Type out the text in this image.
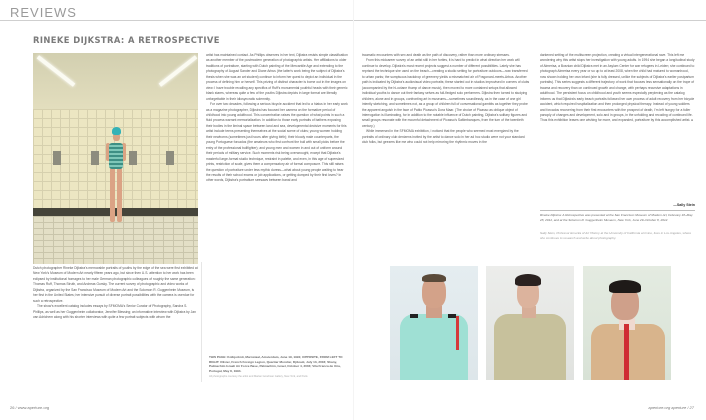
REVIEWS
RINEKE DIJKSTRA: A RETROSPECTIVE

Dutch photographer Rineke Dijkstra's memorable portraits of youths by the edge of the sea were first exhibited at New York's Museum of Modern Art nearly fifteen years ago, but since then U.S. attention to her work has been eclipsed by institutional homages to her male German photographic colleagues of roughly the same generation: Thomas Ruff, Thomas Struth, and Andreas Gursky. The current survey of photographic and video works of Dijkstra, organized by the San Francisco Museum of Modern Art and the Solomon R. Guggenheim Museum, is her first in the United States; her intensive pursuit of diverse portrait possibilities with the camera is overdue for such a retrospective.

The show's excellent catalog includes essays by SFMOMA's Senior Curator of Photography, Sandra S. Phillips, as well as her Guggenheim collaborator, Jennifer Blessing; an informative interview with Dijkstra by Jan van Adrichem along with his shorter interviews with quite a few portrait subjects with whom the

artist has maintained contact. As Phillips observes in her text, Dijkstra resists simple classification as another member of the postmodern generation of photographic artists. Her affiliations to older traditions of portraiture, starting with Dutch painting of the Mercantile Age and extending to the photography of August Sander and Diane Arbus (the latter's work being the subject of Dijkstra's thesis when she was an art student) continue to inform her quest to depict an individual in the process of defining him or herself. This prizing of distinct character is borne out in the images on view: I have trouble recalling any specifics of Ruff's monumental youthful heads with their generic blank stares, whereas quite a few of the youths Dijkstra depicts in large format are literally unforgettable in their idiosyncratic solemnity.

For over two decades, following a serious bicycle accident that led to a hiatus in her early work as a magazine photographer, Dijkstra has focused her camera on the formative period of childhood into young adulthood. This concentration raises the question of what points in such a fluid process warrant memorialization. In addition to those early portraits of bathers exposing their bodies in the liminal space between land and sea, developmental decisive moments for this artist include teens presenting themselves at the social scene of clubs; young women holding their newborns (sometimes just hours after giving birth); their bloody male counterparts, the young Portuguese forcados (the amateurs who first confront the bull with small picks before the entry of the professional bullfighter); and young men and women in and out of uniform around their periods of military service. Such moments risk being overwrought, except that Dijkstra's masterful large-format studio technique, restraint in palette, and even, in this age of supersized prints, restriction of scale, gives them a compensatory air of formal composure. This still raises the question of portraiture under less mythic duress—what about young people waiting to hear the results of their school exams or job applications, or getting dumped by their first loves? In other words, Dijkstra's portraiture seesaws between banal and

THIS PAGE: Kolbjorknit, Marnstaal, Amsterdam, June 19, 1991; OPPOSITE, FROM LEFT TO RIGHT: Olivier, French Foreign Legion, Quartier Monclar, Djibouti, July 13, 2003; Shany, Palmachim Israeli Air Force Base, Palmachim, Israel, October 4, 2003; Vila Franca de Xira, Portugal, May 8, 1994.
All photographs courtesy the artist and Marian Goodman Gallery, New York, and Paris
26 / www.aperture.org

traumatic encounters with sex and death as the path of discovery, rather than more ordinary stresses.

From this midcareer survey of an artist still in her forties, it is hard to predict in what direction her work will continue to develop. Dijkstra's most recent projects suggest a number of different possibilities. Lately she has reprised the technique she used on the beach—creating a studio setting for portraiture outdoors—now transferred to urban parks; the sumptuous backdrop of greenery yields a mismatched air of Fragonard-meets-Arbus. Another path is indicated by Dijkstra's audiovisual video portraits; these started out in studios improvised in corners of clubs (accompanied by the hi-octane thump of dance music), then moved to more contained setups that allowed individual youths to dance out their fantasy selves as full-fledged solo performers. Dijkstra then turned to studying children, alone and in groups, confronting art in museums—sometimes soundlessly, as in the case of one girl intently sketching, and sometimes not, as a group of children full of conversational gambits as together they probe the apparent anguish in the face of Pablo Picasso's Dora Maar. (The choice of Picasso as oblique object of interrogation is illuminating, for in addition to the notable influence of Dutch painting, Dijkstra's solitary figures and small groups resonate with the mournful detachment of Picasso's Saltimbanques, from the turn of the twentieth century.)

While immersed in the SFMOMA exhibition, I noticed that the people who seemed most energized by the portraits of ordinary club denizens invited by the artist to dance solo in her ad hoc studio were not your standard club folks, but geezers like me who could not help mirroring the rhythmic moves in the

darkened setting of the multiscreen projection, creating a virtual intergenerational rave. This left me wondering why this artist stops her investigation with young adults. In 1994 she began a longitudinal study of Almerisa, a Bosnian child Dijkstra met in an Asylum Center for war refugees in Leiden; she continued to photograph Almerisa every year or so up to at least 2008, when the child had matured to womanhood, now shown holding her own infant (she is fully dressed, unlike the subjects of Dijkstra's earlier postpartum portraits). This series suggests a different trajectory of work that focuses less sensationally on the trope of trauma and recovery than on continued growth and change, with perhaps recursive adaptations in adulthood. The persistent focus on childhood and youth seems especially perplexing as the catalog informs us that Dijkstra's early beach portraits followed her own process of adult recovery from her bicycle accident, which required hospitalization and then prolonged physical therapy. Instead of young soldiers and forcados recovering from their first encounters with the prospect of death, I'm left hungry for a fuller panoply of changes and development, solo and in groups, in the unfolding and recoding of continued life. Thus this exhibition leaves one wishing for more, and expanded, portraiture by this accomplished artist. ●

—Sally Stein
Rineke Dijkstra: A Retrospective was presented at the San Francisco Museum of Modern Art, February 18–May 28, 2012, and at the Solomon R. Guggenheim Museum, New York, June 29–October 8, 2012.
Sally Stein, Professor Emerita of Art History at the University of California at Irvine, lives in Los Angeles, where she continues to research and write about photography.
aperture.org aperture / 27
